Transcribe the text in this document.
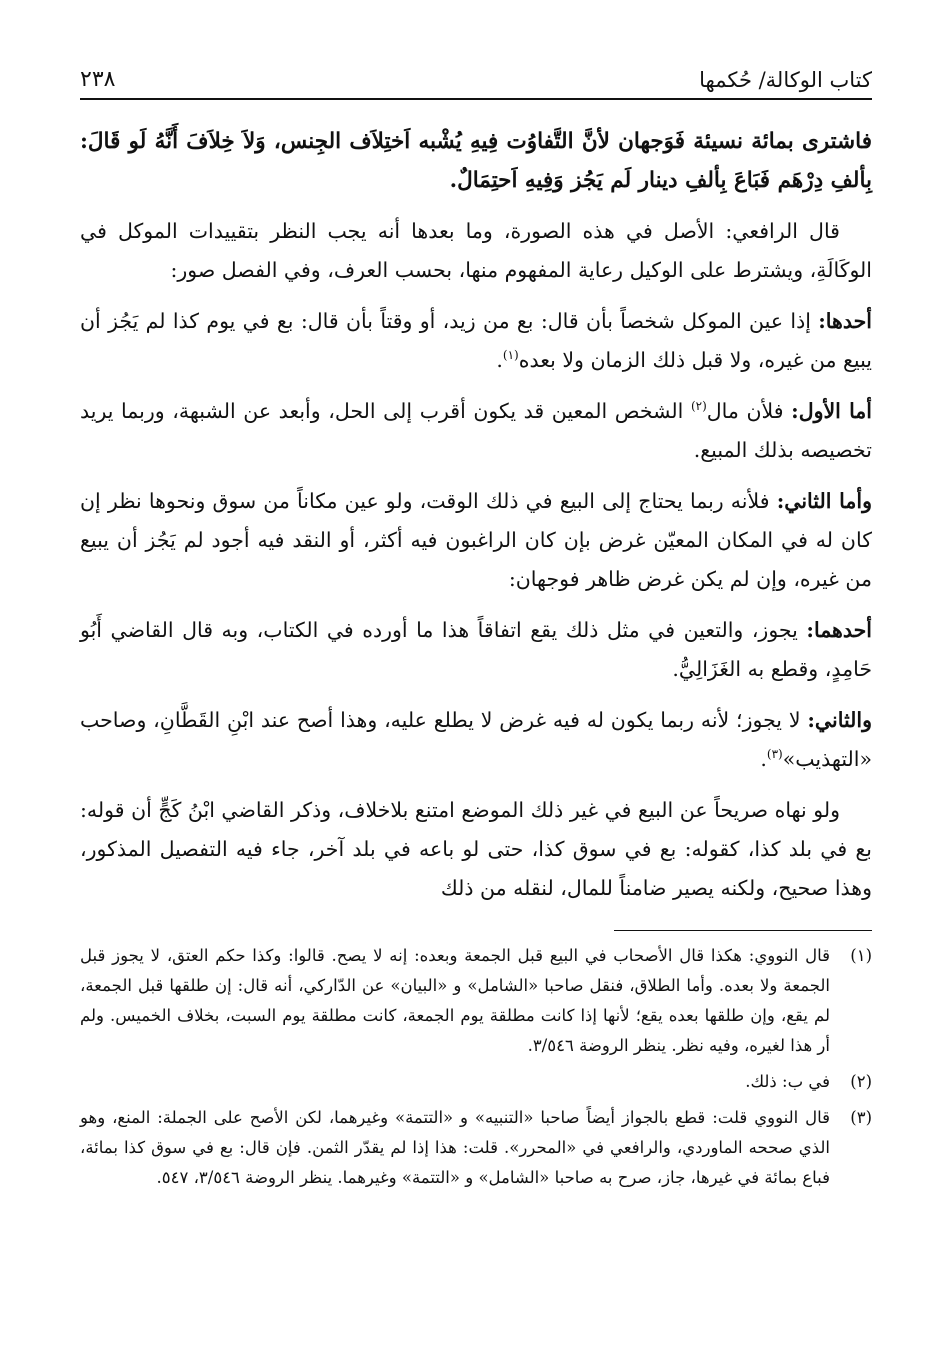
كتاب الوكالة/ حُكمها
٢٣٨

فاشترى بمائة نسيئة فَوَجهان لأنَّ التَّفاوُت فِيهِ يُشْبه اَختِلاَف الجِنس، وَلاَ خِلاَفَ أَنَّهُ لَو قَالَ: بِألفِ دِرْهَم فَبَاعَ بِألفِ دينار لَم يَجُز وَفِيهِ اَحتِمَالٌ.

قال الرافعي: الأصل في هذه الصورة، وما بعدها أنه يجب النظر بتقييدات الموكل في الوكَالَةِ، ويشترط على الوكيل رعاية المفهوم منها، بحسب العرف، وفي الفصل صور:

أحدها: إذا عين الموكل شخصاً بأن قال: بع من زيد، أو وقتاً بأن قال: بع في يوم كذا لم يَجُز أن يبيع من غيره، ولا قبل ذلك الزمان ولا بعده$^{(١)}$.

أما الأول: فلأن مال$^{(٢)}$ الشخص المعين قد يكون أقرب إلى الحل، وأبعد عن الشبهة، وربما يريد تخصيصه بذلك المبيع.

وأما الثاني: فلأنه ربما يحتاج إلى البيع في ذلك الوقت، ولو عين مكاناً من سوق ونحوها نظر إن كان له في المكان المعيّن غرض بإن كان الراغبون فيه أكثر، أو النقد فيه أجود لم يَجُز أن يبيع من غيره، وإن لم يكن غرض ظاهر فوجهان:

أحدهما: يجوز، والتعين في مثل ذلك يقع اتفاقاً هذا ما أورده في الكتاب، وبه قال القاضي أَبُو حَامِدٍ، وقطع به الغَزَالِيُّ.

والثاني: لا يجوز؛ لأنه ربما يكون له فيه غرض لا يطلع عليه، وهذا أصح عند ابْنِ القَطَّانِ، وصاحب «التهذيب»$^{(٣)}$.

ولو نهاه صريحاً عن البيع في غير ذلك الموضع امتنع بلاخلاف، وذكر القاضي ابْنُ كَجٍّ أن قوله: بع في بلد كذا، كقوله: بع في سوق كذا، حتى لو باعه في بلد آخر، جاء فيه التفصيل المذكور، وهذا صحيح، ولكنه يصير ضامناً للمال، لنقله من ذلك

(١)
قال النووي: هكذا قال الأصحاب في البيع قبل الجمعة وبعده: إنه لا يصح. قالوا: وكذا حكم العتق، لا يجوز قبل الجمعة ولا بعده. وأما الطلاق، فنقل صاحبا «الشامل» و «البيان» عن الدّاركي، أنه قال: إن طلقها قبل الجمعة، لم يقع، وإن طلقها بعده يقع؛ لأنها إذا كانت مطلقة يوم الجمعة، كانت مطلقة يوم السبت، بخلاف الخميس. ولم أر هذا لغيره، وفيه نظر. ينظر الروضة ٣/٥٤٦.
(٢)
في ب: ذلك.
(٣)
قال النووي قلت: قطع بالجواز أيضاً صاحبا «التنبيه» و «التتمة» وغيرهما، لكن الأصح على الجملة: المنع، وهو الذي صححه الماوردي، والرافعي في «المحرر». قلت: هذا إذا لم يقدّر الثمن. فإن قال: بع في سوق كذا بمائة، فباع بمائة في غيرها، جاز، صرح به صاحبا «الشامل» و «التتمة» وغيرهما. ينظر الروضة ٣/٥٤٦، ٥٤٧.
